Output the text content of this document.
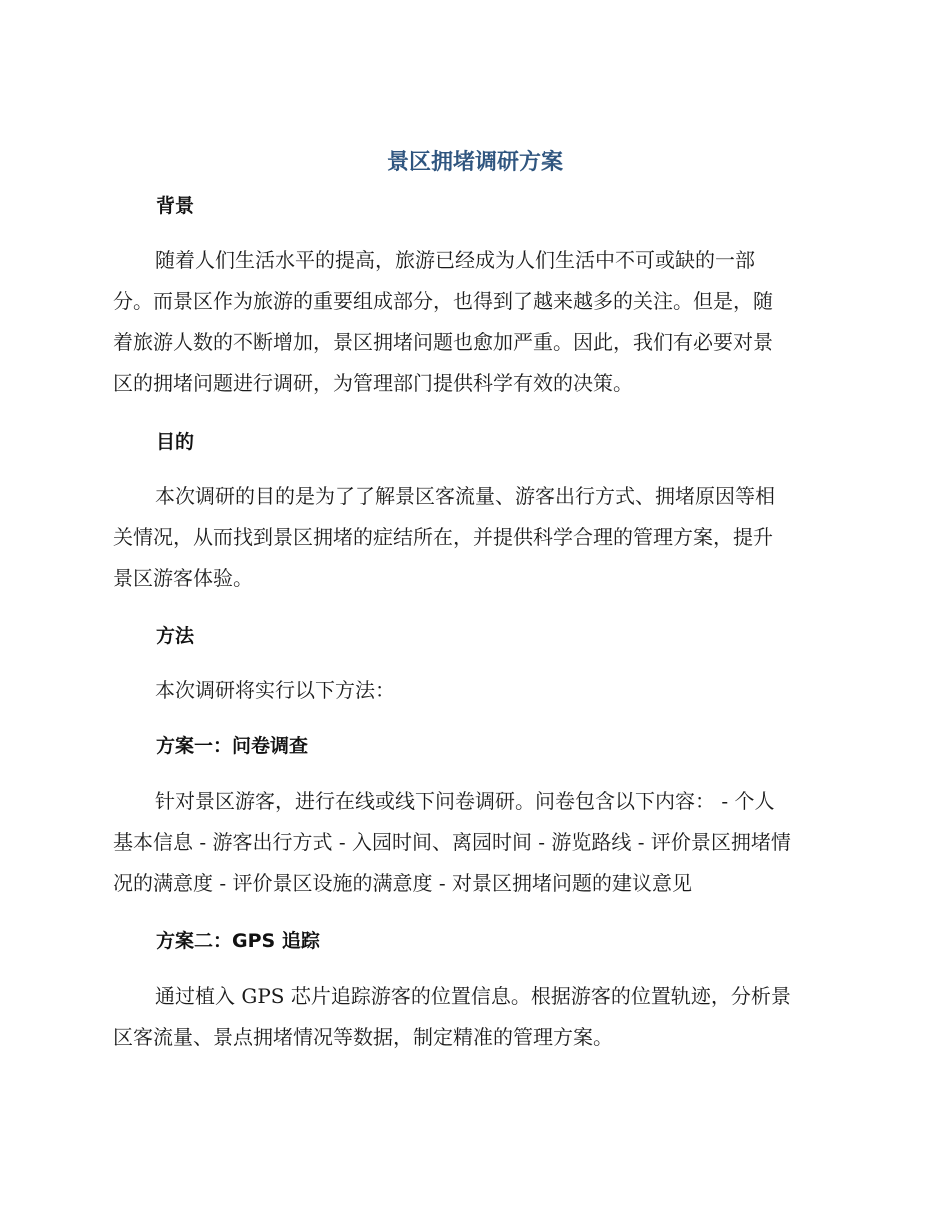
景区拥堵调研方案
背景

随着人们生活水平的提高，旅游已经成为人们生活中不可或缺的一部
分。而景区作为旅游的重要组成部分，也得到了越来越多的关注。但是，随
着旅游人数的不断增加，景区拥堵问题也愈加严重。因此，我们有必要对景
区的拥堵问题进行调研，为管理部门提供科学有效的决策。

目的

本次调研的目的是为了了解景区客流量、游客出行方式、拥堵原因等相
关情况，从而找到景区拥堵的症结所在，并提供科学合理的管理方案，提升
景区游客体验。

方法

本次调研将实行以下方法：

方案一：问卷调查

针对景区游客，进行在线或线下问卷调研。问卷包含以下内容： - 个人
基本信息 - 游客出行方式 - 入园时间、离园时间 - 游览路线 - 评价景区拥堵情
况的满意度 - 评价景区设施的满意度 - 对景区拥堵问题的建议意见

方案二：GPS 追踪

通过植入 GPS 芯片追踪游客的位置信息。根据游客的位置轨迹，分析景
区客流量、景点拥堵情况等数据，制定精准的管理方案。
